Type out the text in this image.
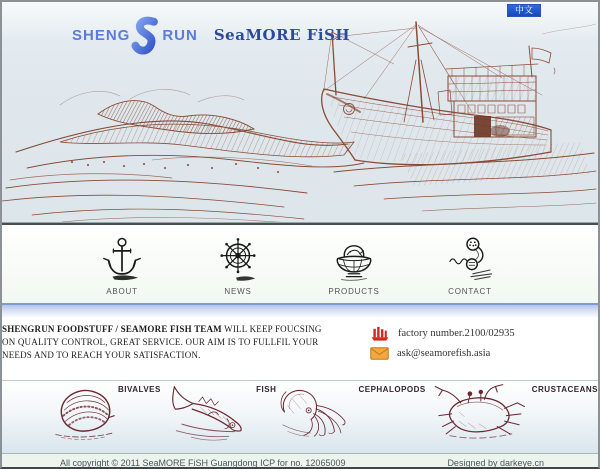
SHENG RUN SeaMORE FiSH
中文
ABOUT	NEWS	PRODUCTS	CONTACT

SHENGRUN FOODSTUFF / SEAMORE FISH TEAM WILL KEEP FOUCSING ON QUALITY CONTROL, GREAT SERVICE. OUR AIM IS TO FULLFIL YOUR NEEDS AND TO REACH YOUR SATISFACTION.

factory number.2100/02935
ask@seamorefish.asia
BIVALVES	FISH	CEPHALOPODS	CRUSTACEANS
All copyright © 2011 SeaMORE FiSH Guangdong ICP for no. 12065009	Designed by darkeye.cn
